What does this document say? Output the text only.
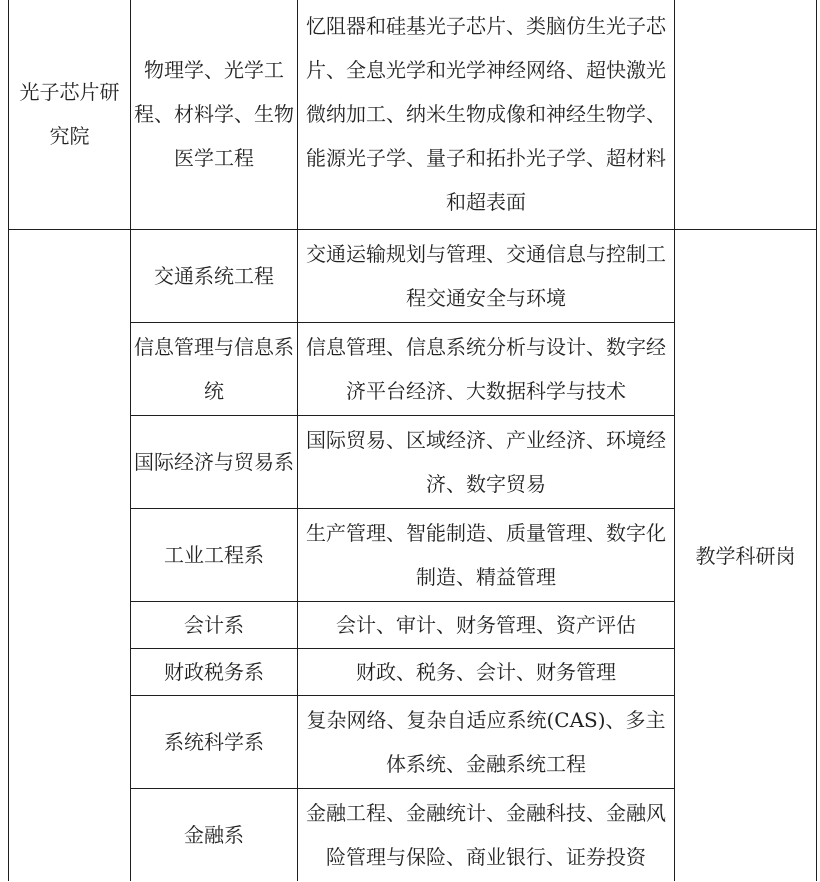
光子芯片研究院	物理学、光学工程、材料学、生物医学工程	忆阻器和硅基光子芯片、类脑仿生光子芯片、全息光学和光学神经网络、超快激光微纳加工、纳米生物成像和神经生物学、能源光子学、量子和拓扑光子学、超材料和超表面	
	交通系统工程	交通运输规划与管理、交通信息与控制工程交通安全与环境	教学科研岗
	信息管理与信息系统	信息管理、信息系统分析与设计、数字经济平台经济、大数据科学与技术	
	国际经济与贸易系	国际贸易、区域经济、产业经济、环境经济、数字贸易	
	工业工程系	生产管理、智能制造、质量管理、数字化制造、精益管理	
	会计系	会计、审计、财务管理、资产评估	
	财政税务系	财政、税务、会计、财务管理	
	系统科学系	复杂网络、复杂自适应系统(CAS)、多主体系统、金融系统工程	
	金融系	金融工程、金融统计、金融科技、金融风险管理与保险、商业银行、证券投资	
